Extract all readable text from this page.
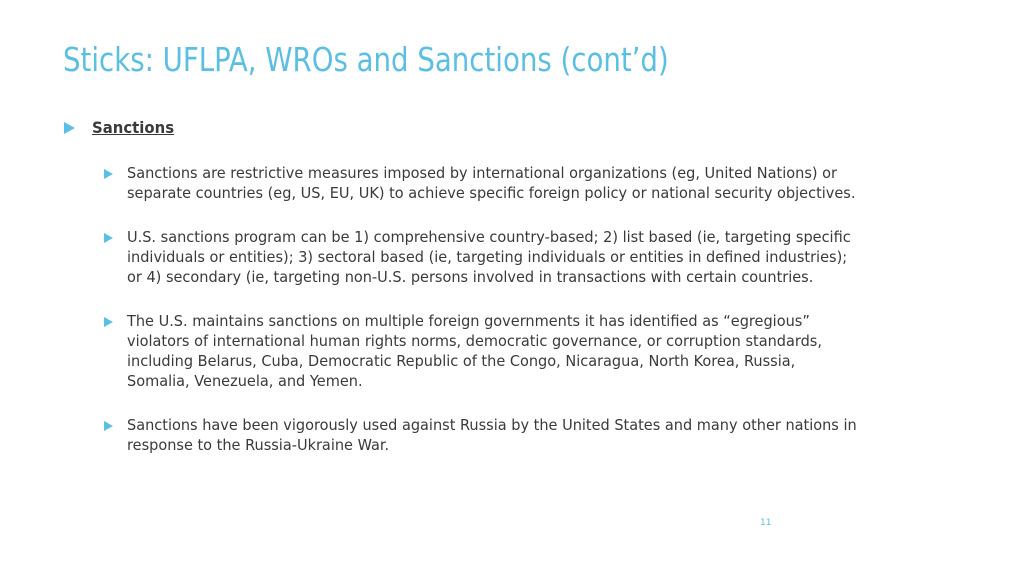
Sticks: UFLPA, WROs and Sanctions (cont’d)
Sanctions
Sanctions are restrictive measures imposed by international organizations (eg, United Nations) or separate countries (eg, US, EU, UK) to achieve specific foreign policy or national security objectives.
U.S. sanctions program can be 1) comprehensive country-based; 2) list based (ie, targeting specific individuals or entities); 3) sectoral based (ie, targeting individuals or entities in defined industries); or 4) secondary (ie, targeting non-U.S. persons involved in transactions with certain countries.
The U.S. maintains sanctions on multiple foreign governments it has identified as “egregious” violators of international human rights norms, democratic governance, or corruption standards, including Belarus, Cuba, Democratic Republic of the Congo, Nicaragua, North Korea, Russia, Somalia, Venezuela, and Yemen.
Sanctions have been vigorously used against Russia by the United States and many other nations in response to the Russia-Ukraine War.
11
